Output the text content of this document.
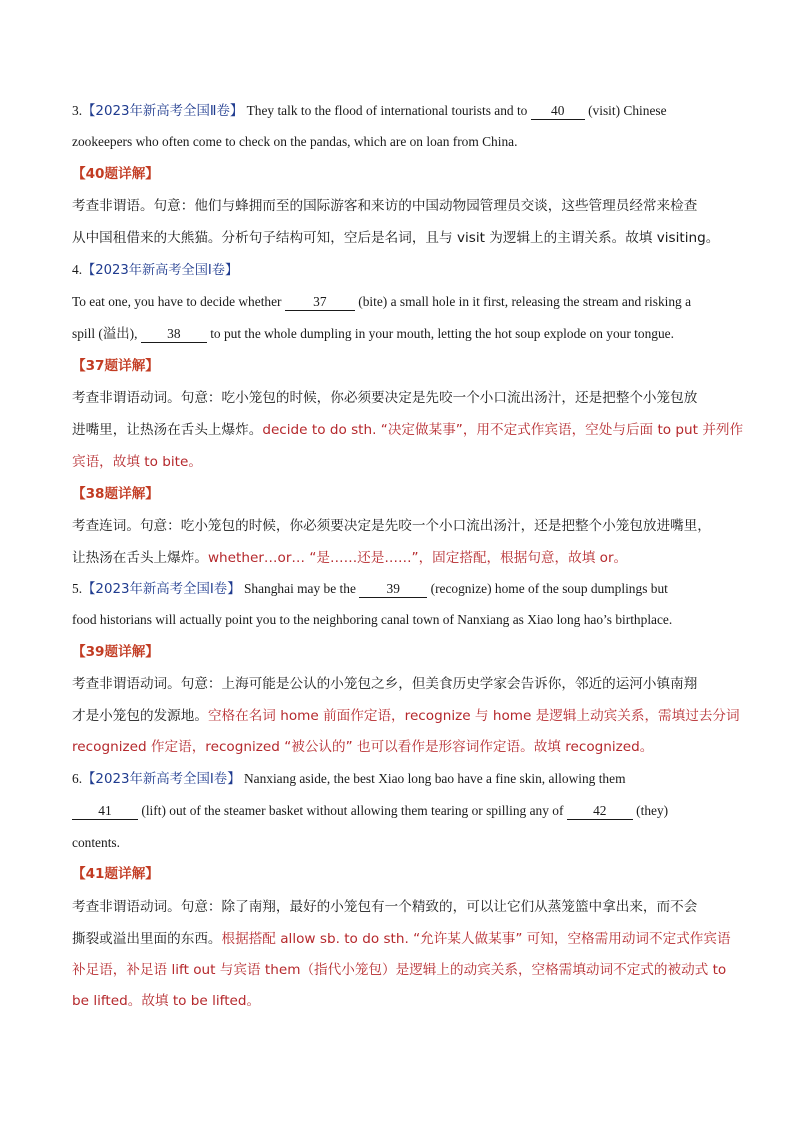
3.【2023年新高考全国Ⅱ卷】 They talk to the flood of international tourists and to 40 (visit) Chinese
zookeepers who often come to check on the pandas, which are on loan from China.
【40题详解】
考查非谓语。句意：他们与蜂拥而至的国际游客和来访的中国动物园管理员交谈，这些管理员经常来检查
从中国租借来的大熊猫。分析句子结构可知，空后是名词，且与 visit 为逻辑上的主谓关系。故填 visiting。
4.【2023年新高考全国Ⅰ卷】
To eat one, you have to decide whether 37 (bite) a small hole in it first, releasing the stream and risking a
spill (溢出), 38 to put the whole dumpling in your mouth, letting the hot soup explode on your tongue.
【37题详解】
考查非谓语动词。句意：吃小笼包的时候，你必须要决定是先咬一个小口流出汤汁，还是把整个小笼包放
进嘴里，让热汤在舌头上爆炸。decide to do sth. “决定做某事”，用不定式作宾语，空处与后面 to put 并列作
宾语，故填 to bite。
【38题详解】
考查连词。句意：吃小笼包的时候，你必须要决定是先咬一个小口流出汤汁，还是把整个小笼包放进嘴里，
让热汤在舌头上爆炸。whether…or… “是……还是……”，固定搭配，根据句意，故填 or。
5.【2023年新高考全国Ⅰ卷】 Shanghai may be the 39 (recognize) home of the soup dumplings but
food historians will actually point you to the neighboring canal town of Nanxiang as Xiao long hao’s birthplace.
【39题详解】
考查非谓语动词。句意：上海可能是公认的小笼包之乡，但美食历史学家会告诉你，邻近的运河小镇南翔
才是小笼包的发源地。空格在名词 home 前面作定语，recognize 与 home 是逻辑上动宾关系，需填过去分词
recognized 作定语，recognized “被公认的” 也可以看作是形容词作定语。故填 recognized。
6.【2023年新高考全国Ⅰ卷】 Nanxiang aside, the best Xiao long bao have a fine skin, allowing them
41 (lift) out of the steamer basket without allowing them tearing or spilling any of 42 (they)
contents.
【41题详解】
考查非谓语动词。句意：除了南翔，最好的小笼包有一个精致的，可以让它们从蒸笼篮中拿出来，而不会
撕裂或溢出里面的东西。根据搭配 allow sb. to do sth. “允许某人做某事” 可知，空格需用动词不定式作宾语
补足语，补足语 lift out 与宾语 them（指代小笼包）是逻辑上的动宾关系，空格需填动词不定式的被动式 to
be lifted。故填 to be lifted。
